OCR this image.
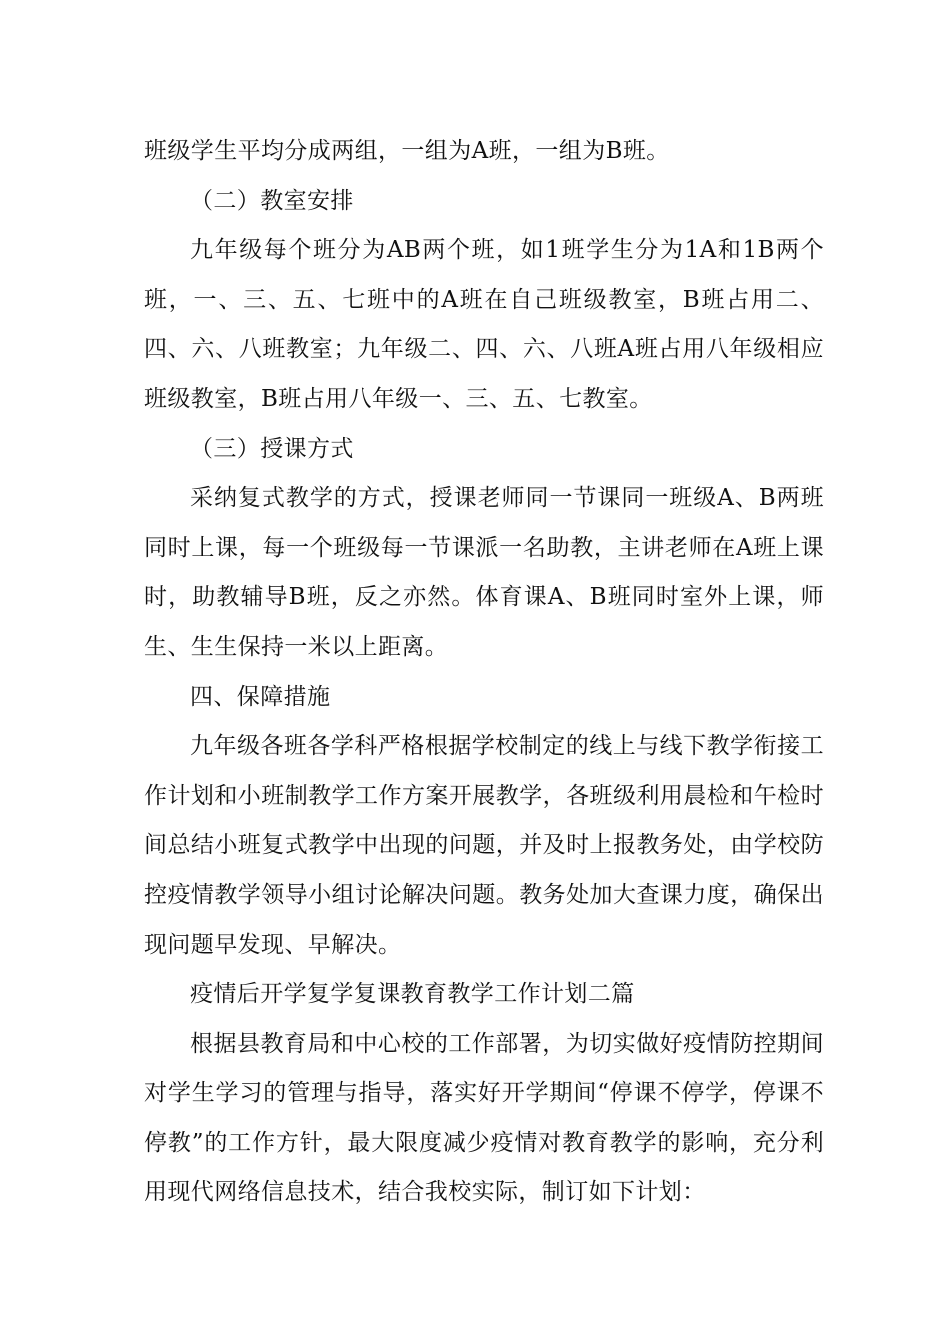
班级学生平均分成两组，一组为A班，一组为B班。

（二）教室安排

九年级每个班分为AB两个班，如1班学生分为1A和1B两个班，一、三、五、七班中的A班在自己班级教室，B班占用二、四、六、八班教室；九年级二、四、六、八班A班占用八年级相应班级教室，B班占用八年级一、三、五、七教室。

（三）授课方式

采纳复式教学的方式，授课老师同一节课同一班级A、B两班同时上课，每一个班级每一节课派一名助教，主讲老师在A班上课时，助教辅导B班，反之亦然。体育课A、B班同时室外上课，师生、生生保持一米以上距离。

四、保障措施

九年级各班各学科严格根据学校制定的线上与线下教学衔接工作计划和小班制教学工作方案开展教学，各班级利用晨检和午检时间总结小班复式教学中出现的问题，并及时上报教务处，由学校防控疫情教学领导小组讨论解决问题。教务处加大查课力度，确保出现问题早发现、早解决。

疫情后开学复学复课教育教学工作计划二篇

根据县教育局和中心校的工作部署，为切实做好疫情防控期间对学生学习的管理与指导，落实好开学期间“停课不停学，停课不停教”的工作方针，最大限度减少疫情对教育教学的影响，充分利用现代网络信息技术，结合我校实际，制订如下计划：
